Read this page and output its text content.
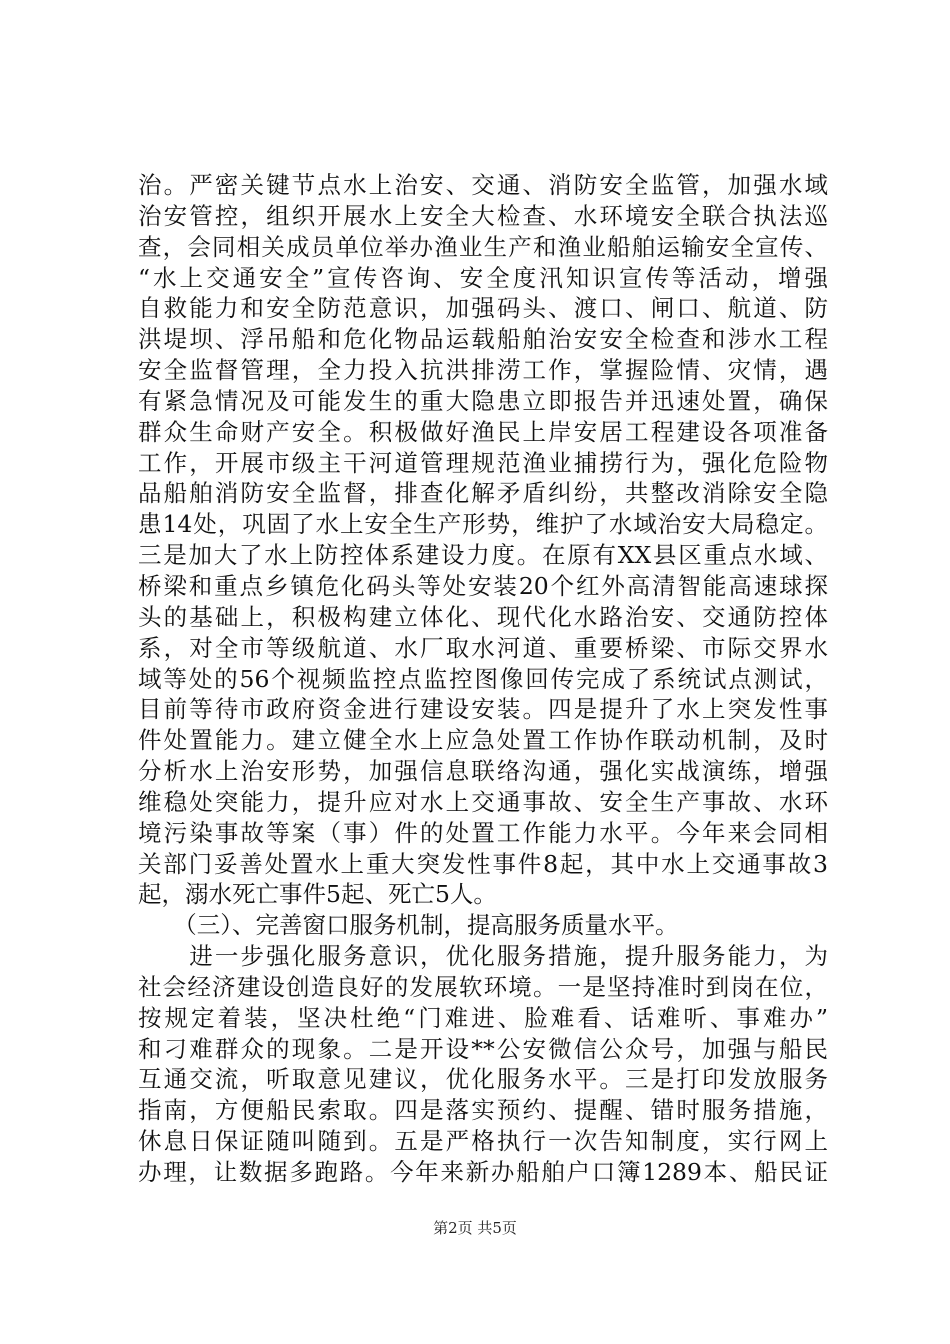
治。严密关键节点水上治安、交通、消防安全监管，加强水域
治安管控，组织开展水上安全大检查、水环境安全联合执法巡
查，会同相关成员单位举办渔业生产和渔业船舶运输安全宣传、
“水上交通安全”宣传咨询、安全度汛知识宣传等活动，增强
自救能力和安全防范意识，加强码头、渡口、闸口、航道、防
洪堤坝、浮吊船和危化物品运载船舶治安安全检查和涉水工程
安全监督管理，全力投入抗洪排涝工作，掌握险情、灾情，遇
有紧急情况及可能发生的重大隐患立即报告并迅速处置，确保
群众生命财产安全。积极做好渔民上岸安居工程建设各项准备
工作，开展市级主干河道管理规范渔业捕捞行为，强化危险物
品船舶消防安全监督，排查化解矛盾纠纷，共整改消除安全隐
患14处，巩固了水上安全生产形势，维护了水域治安大局稳定。
三是加大了水上防控体系建设力度。在原有XX县区重点水域、
桥梁和重点乡镇危化码头等处安装20个红外高清智能高速球探
头的基础上，积极构建立体化、现代化水路治安、交通防控体
系，对全市等级航道、水厂取水河道、重要桥梁、市际交界水
域等处的56个视频监控点监控图像回传完成了系统试点测试，
目前等待市政府资金进行建设安装。四是提升了水上突发性事
件处置能力。建立健全水上应急处置工作协作联动机制，及时
分析水上治安形势，加强信息联络沟通，强化实战演练，增强
维稳处突能力，提升应对水上交通事故、安全生产事故、水环
境污染事故等案（事）件的处置工作能力水平。今年来会同相
关部门妥善处置水上重大突发性事件8起，其中水上交通事故3
起，溺水死亡事件5起、死亡5人。
　　（三）、完善窗口服务机制，提高服务质量水平。
　　进一步强化服务意识，优化服务措施，提升服务能力，为
社会经济建设创造良好的发展软环境。一是坚持准时到岗在位，
按规定着装，坚决杜绝“门难进、脸难看、话难听、事难办”
和刁难群众的现象。二是开设**公安微信公众号，加强与船民
互通交流，听取意见建议，优化服务水平。三是打印发放服务
指南，方便船民索取。四是落实预约、提醒、错时服务措施，
休息日保证随叫随到。五是严格执行一次告知制度，实行网上
办理，让数据多跑路。今年来新办船舶户口簿1289本、船民证
第2页 共5页
